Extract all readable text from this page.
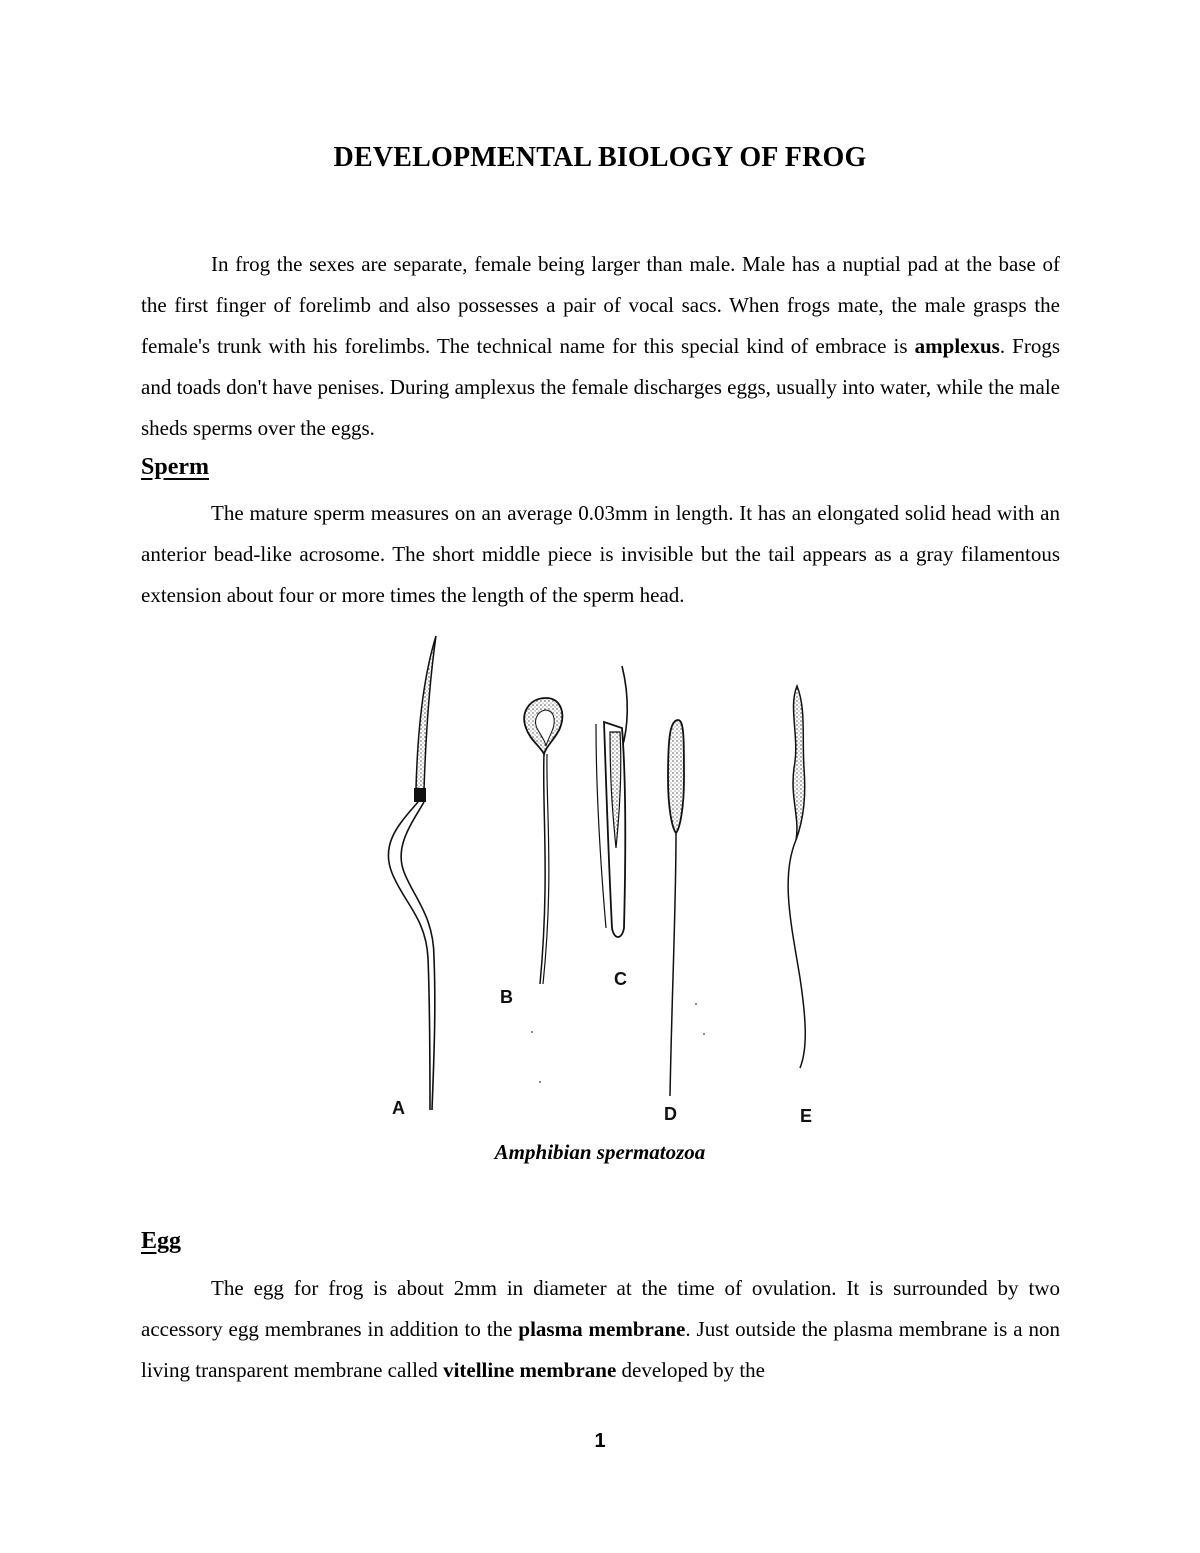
DEVELOPMENTAL BIOLOGY OF FROG

In frog the sexes are separate, female being larger than male. Male has a nuptial pad at the base of the first finger of forelimb and also possesses a pair of vocal sacs. When frogs mate, the male grasps the female's trunk with his forelimbs. The technical name for this special kind of embrace is amplexus. Frogs and toads don't have penises. During amplexus the female discharges eggs, usually into water, while the male sheds sperms over the eggs.

Sperm

The mature sperm measures on an average 0.03mm in length. It has an elongated solid head with an anterior bead-like acrosome. The short middle piece is invisible but the tail appears as a gray filamentous extension about four or more times the length of the sperm head.

A
B
C
D	E
Amphibian spermatozoa
Egg

The egg for frog is about 2mm in diameter at the time of ovulation. It is surrounded by two accessory egg membranes in addition to the plasma membrane. Just outside the plasma membrane is a non living transparent membrane called vitelline membrane developed by the

1
